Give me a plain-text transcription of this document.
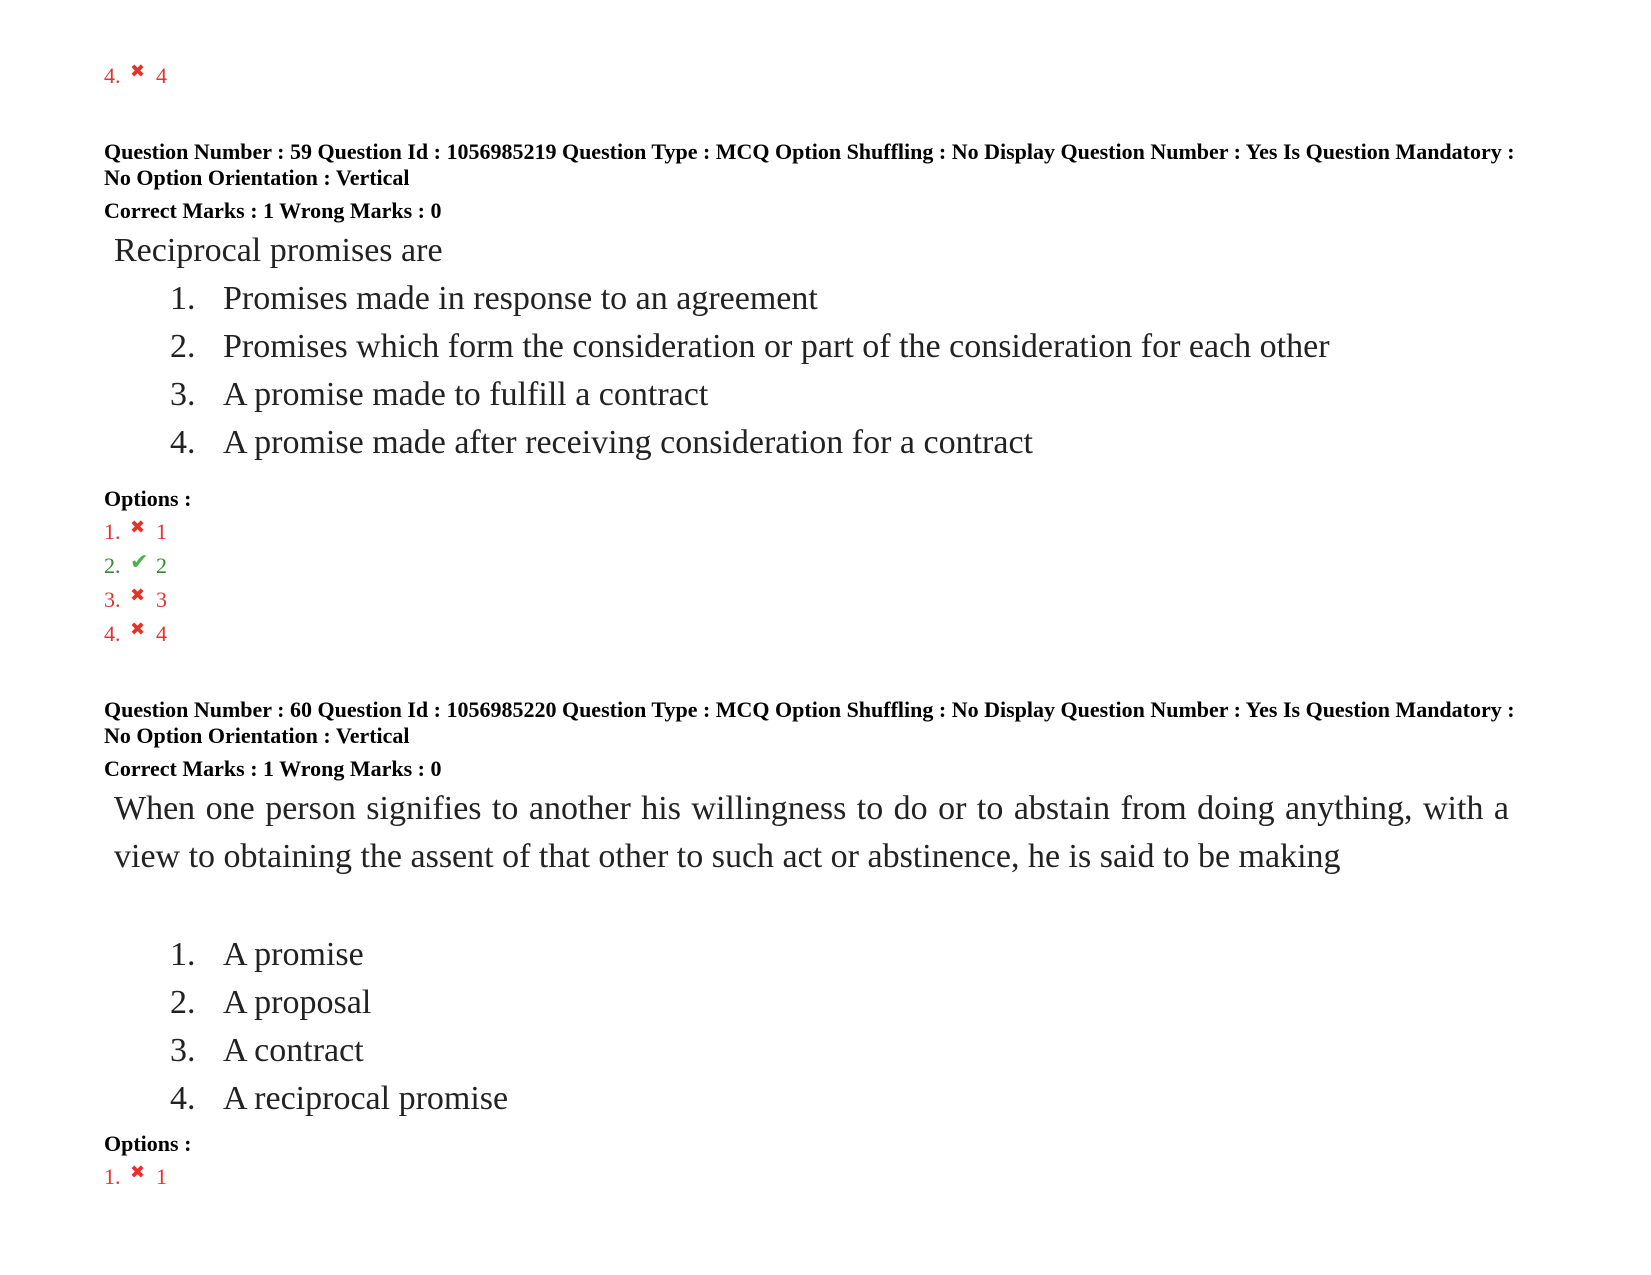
4. ✖ 4
Question Number : 59 Question Id : 1056985219 Question Type : MCQ Option Shuffling : No Display Question Number : Yes Is Question Mandatory : No Option Orientation : Vertical
Correct Marks : 1 Wrong Marks : 0
Reciprocal promises are
1. Promises made in response to an agreement
2. Promises which form the consideration or part of the consideration for each other
3. A promise made to fulfill a contract
4. A promise made after receiving consideration for a contract
Options :
1. ✖ 1
2. ✔ 2
3. ✖ 3
4. ✖ 4
Question Number : 60 Question Id : 1056985220 Question Type : MCQ Option Shuffling : No Display Question Number : Yes Is Question Mandatory : No Option Orientation : Vertical
Correct Marks : 1 Wrong Marks : 0
When one person signifies to another his willingness to do or to abstain from doing anything, with a view to obtaining the assent of that other to such act or abstinence, he is said to be making
1. A promise
2. A proposal
3. A contract
4. A reciprocal promise
Options :
1. ✖ 1
